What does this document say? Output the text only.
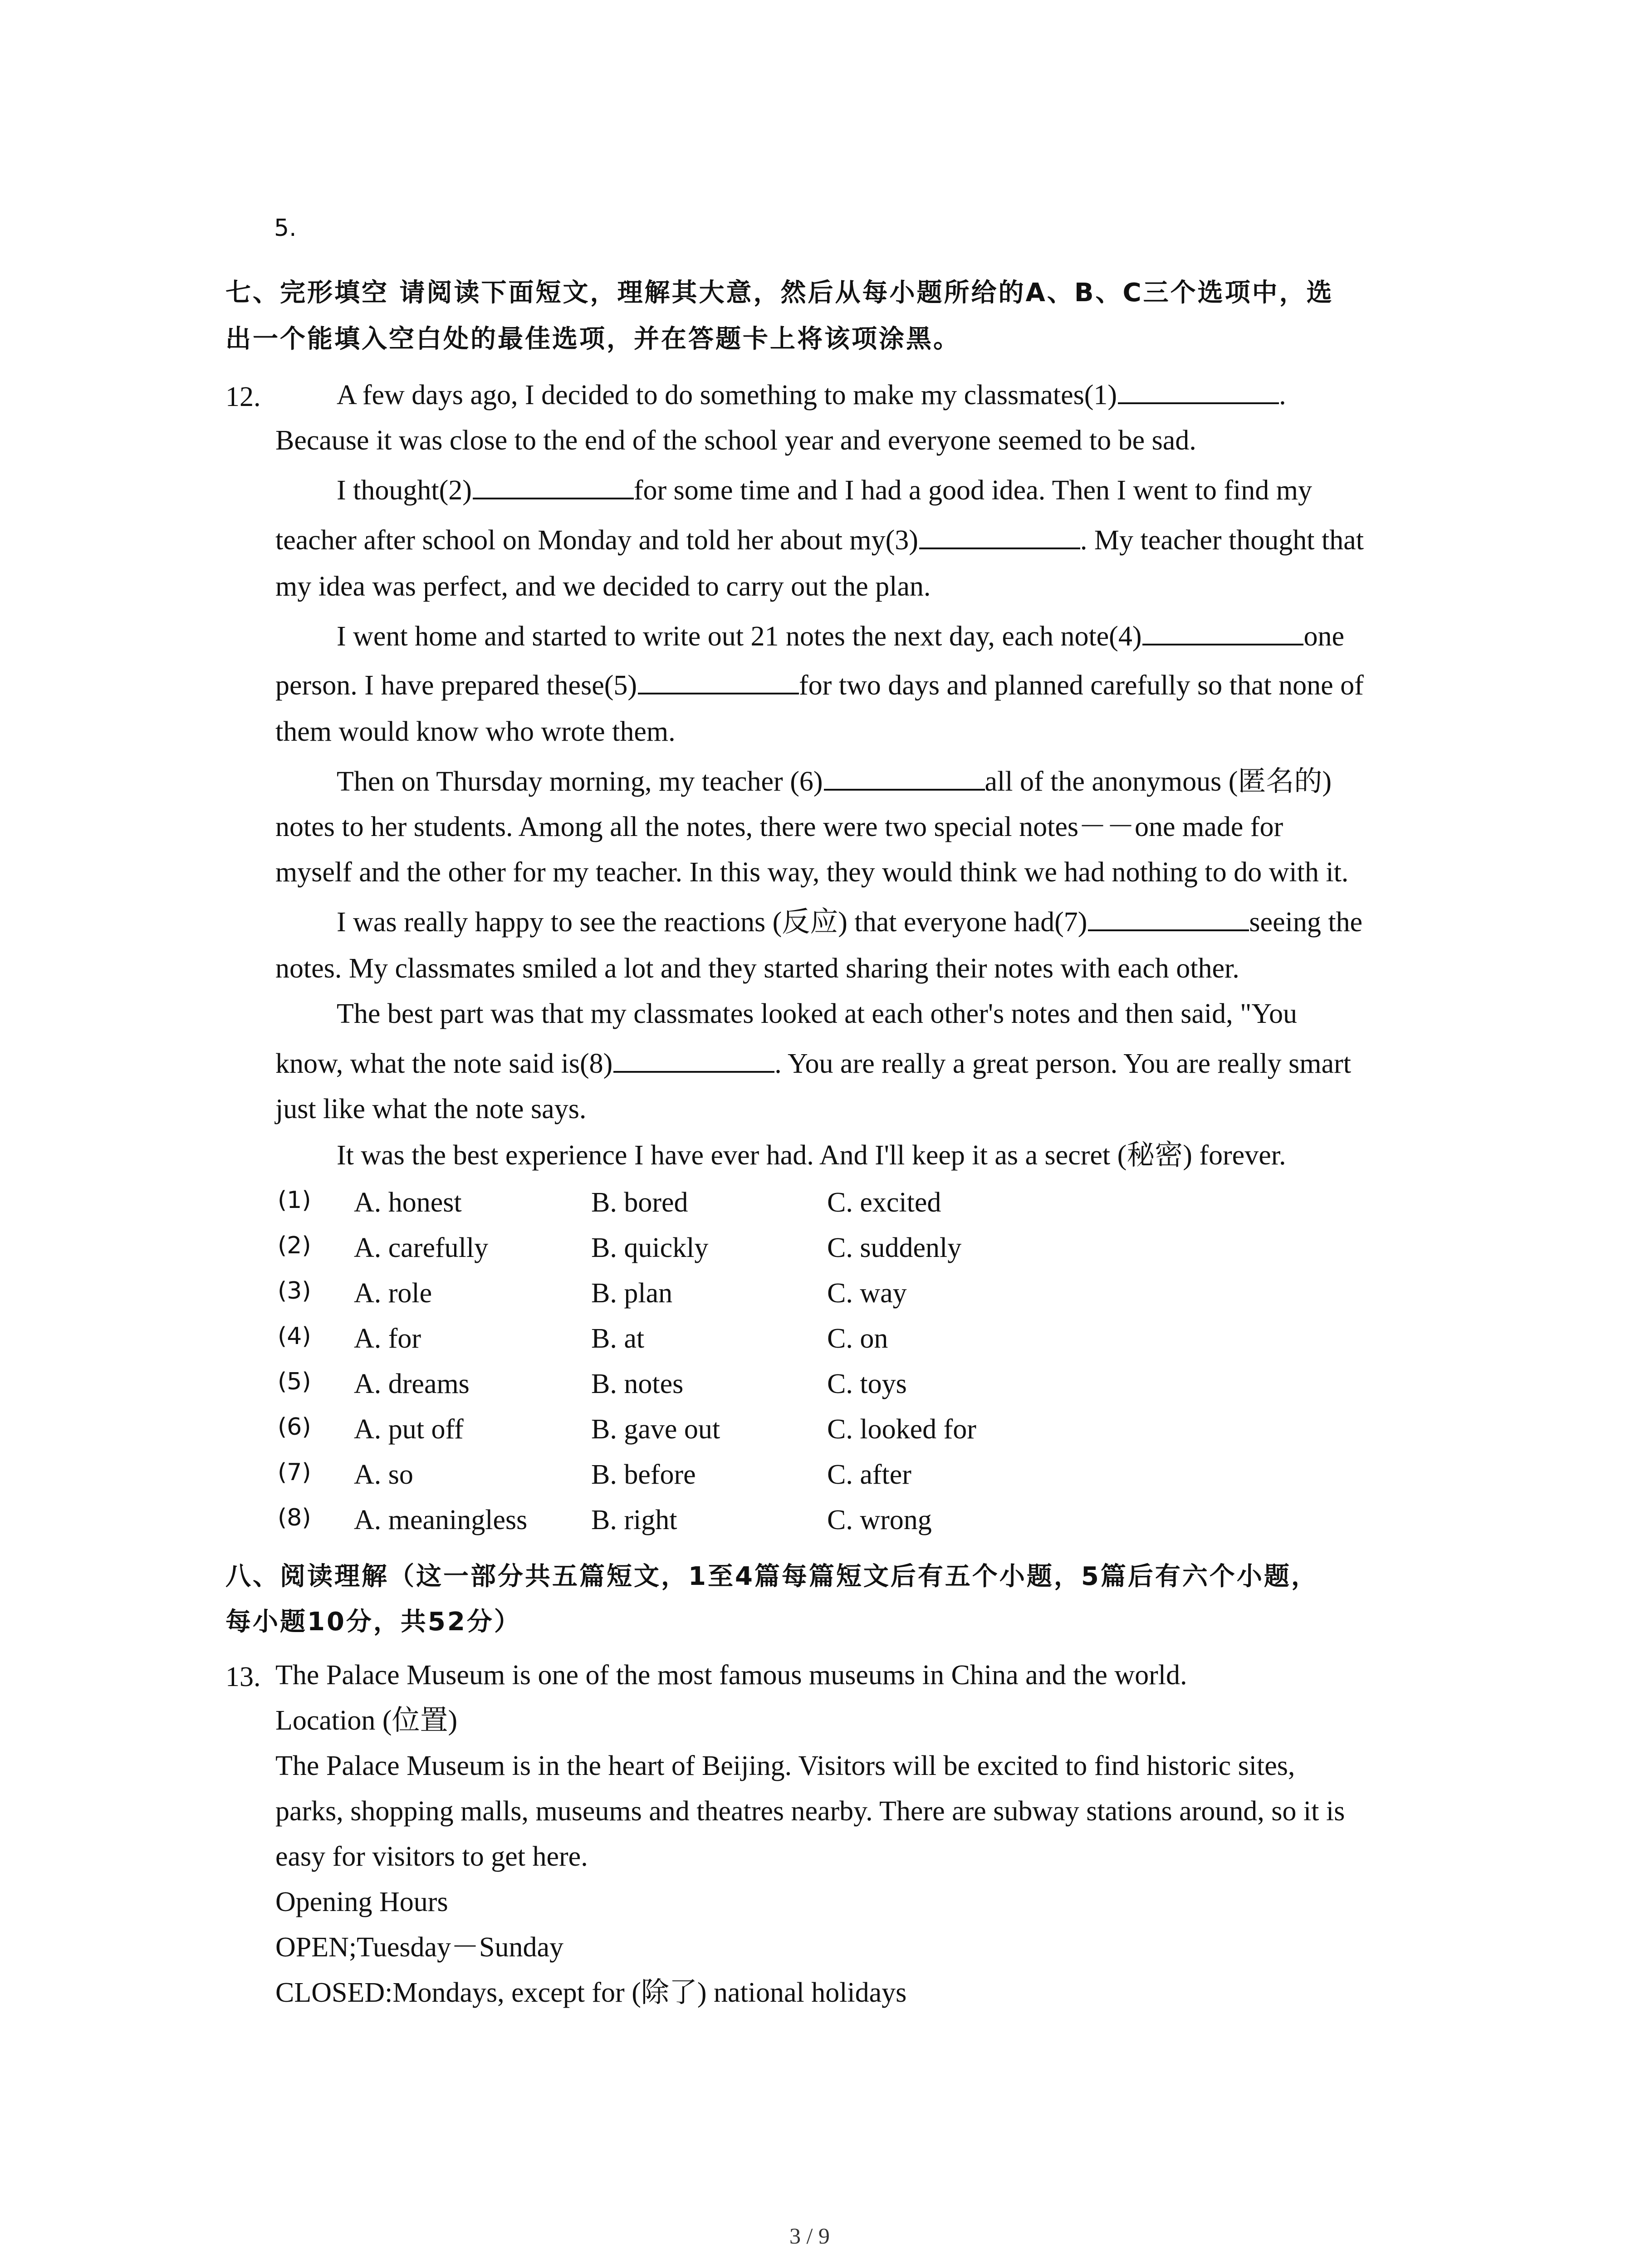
5.
七、完形填空 请阅读下面短文，理解其大意，然后从每小题所给的A、B、C三个选项中，选
出一个能填入空白处的最佳选项，并在答题卡上将该项涂黑。
12.	A few days ago, I decided to do something to make my classmates(1)	.
Because it was close to the end of the school year and everyone seemed to be sad.
I thought(2)	for some time and I had a good idea. Then I went to find my
teacher after school on Monday and told her about my(3)	. My teacher thought that
my idea was perfect, and we decided to carry out the plan.
I went home and started to write out 21 notes the next day, each note(4)	one
person. I have prepared these(5)	for two days and planned carefully so that none of
them would know who wrote them.
Then on Thursday morning, my teacher (6)	all of the anonymous (匿名的)
notes to her students. Among all the notes, there were two special notes－－one made for
myself and the other for my teacher. In this way, they would think we had nothing to do with it.
I was really happy to see the reactions (反应) that everyone had(7)	seeing the
notes. My classmates smiled a lot and they started sharing their notes with each other.
The best part was that my classmates looked at each other's notes and then said, "You
know, what the note said is(8)	. You are really a great person. You are really smart
just like what the note says.
It was the best experience I have ever had. And I'll keep it as a secret (秘密) forever.
(1) A. honest	B. bored	C. excited
(2) A. carefully	B. quickly	C. suddenly
(3) A. role	B. plan	C. way
(4) A. for	B. at	C. on
(5) A. dreams	B. notes	C. toys
(6) A. put off	B. gave out	C. looked for
(7) A. so	B. before	C. after
(8) A. meaningless B. right	C. wrong
八、阅读理解（这一部分共五篇短文，1至4篇每篇短文后有五个小题，5篇后有六个小题，
每小题10分，共52分）
13. The Palace Museum is one of the most famous museums in China and the world.
Location (位置)
The Palace Museum is in the heart of Beijing. Visitors will be excited to find historic sites,
parks, shopping malls, museums and theatres nearby. There are subway stations around, so it is
easy for visitors to get here.
Opening Hours
OPEN;Tuesday－Sunday
CLOSED:Mondays, except for (除了) national holidays
3 / 9
